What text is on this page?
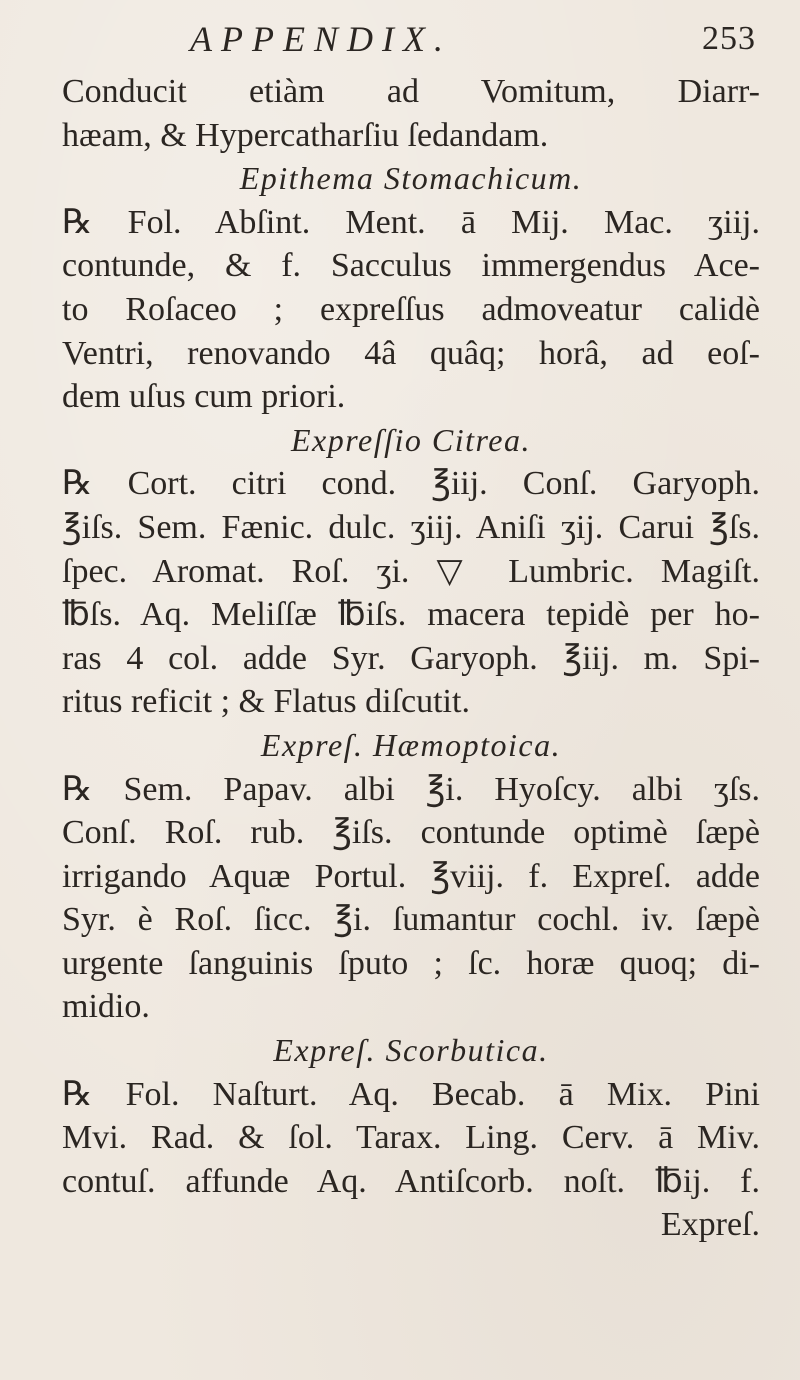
APPENDIX.	253
Conducit etiàm ad Vomitum, Diarr-
hæam, & Hypercatharſiu ſedandam.
Epithema Stomachicum.
℞ Fol. Abſint. Ment. ā Mij. Mac. ʒiij.
contunde, & f. Sacculus immergendus Ace-
to Roſaceo ; expreſſus admoveatur calidè
Ventri, renovando 4â quâq; horâ, ad eoſ-
dem uſus cum priori.
Expreſſio Citrea.
℞ Cort. citri cond. ℥iij. Conſ. Garyoph.
℥iſs. Sem. Fænic. dulc. ʒiij. Aniſi ʒij. Carui ℥ſs.
ſpec. Aromat. Roſ. ʒi. ▽ Lumbric. Magiſt.
℔ſs. Aq. Meliſſæ ℔iſs. macera tepidè per ho-
ras 4 col. adde Syr. Garyoph. ℥iij. m. Spi-
ritus reficit ; & Flatus diſcutit.
Expreſ. Hæmoptoica.
℞ Sem. Papav. albi ℥i. Hyoſcy. albi ʒſs.
Conſ. Roſ. rub. ℥iſs. contunde optimè ſæpè
irrigando Aquæ Portul. ℥viij. f. Expreſ. adde
Syr. è Roſ. ſicc. ℥i. ſumantur cochl. iv. ſæpè
urgente ſanguinis ſputo ; ſc. horæ quoq; di-
midio.
Expreſ. Scorbutica.
℞ Fol. Naſturt. Aq. Becab. ā Mix. Pini
Mvi. Rad. & ſol. Tarax. Ling. Cerv. ā Miv.
contuſ. affunde Aq. Antiſcorb. noſt. ℔ij. f.
Expreſ.
